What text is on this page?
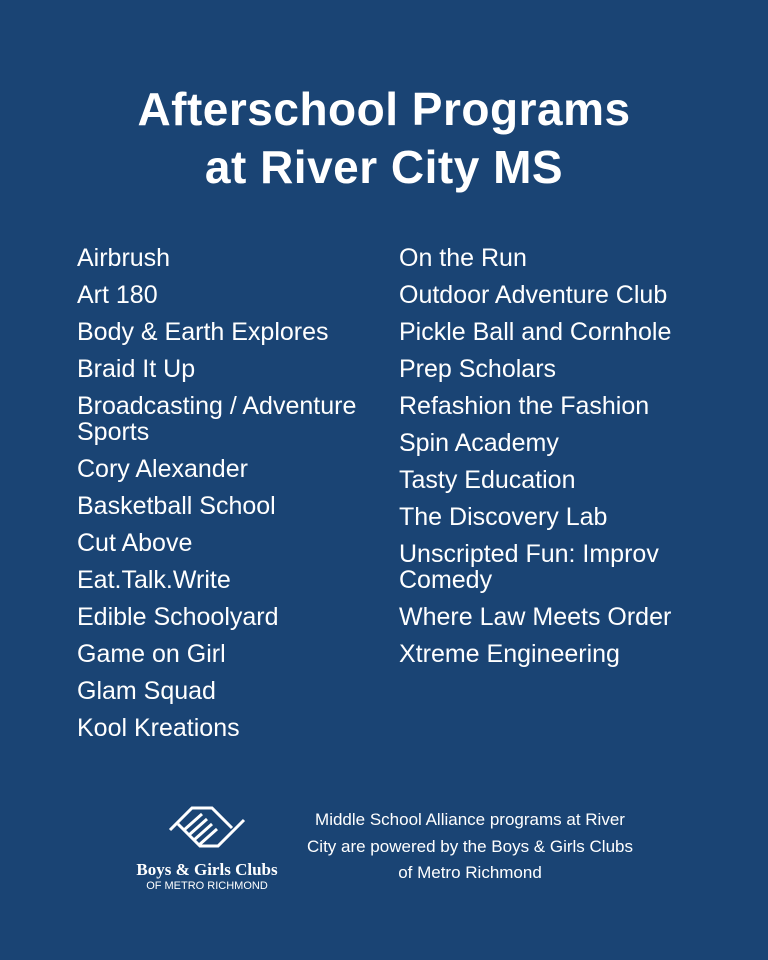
Afterschool Programs
at River City MS
Airbrush
Art 180
Body & Earth Explores
Braid It Up
Broadcasting / Adventure Sports
Cory Alexander
Basketball School
Cut Above
Eat.Talk.Write
Edible Schoolyard
Game on Girl
Glam Squad
Kool Kreations
On the Run
Outdoor Adventure Club
Pickle Ball and Cornhole
Prep Scholars
Refashion the Fashion
Spin Academy
Tasty Education
The Discovery Lab
Unscripted Fun: Improv Comedy
Where Law Meets Order
Xtreme Engineering
Boys & Girls Clubs
OF METRO RICHMOND
Middle School Alliance programs at River City are powered by the Boys & Girls Clubs of Metro Richmond
